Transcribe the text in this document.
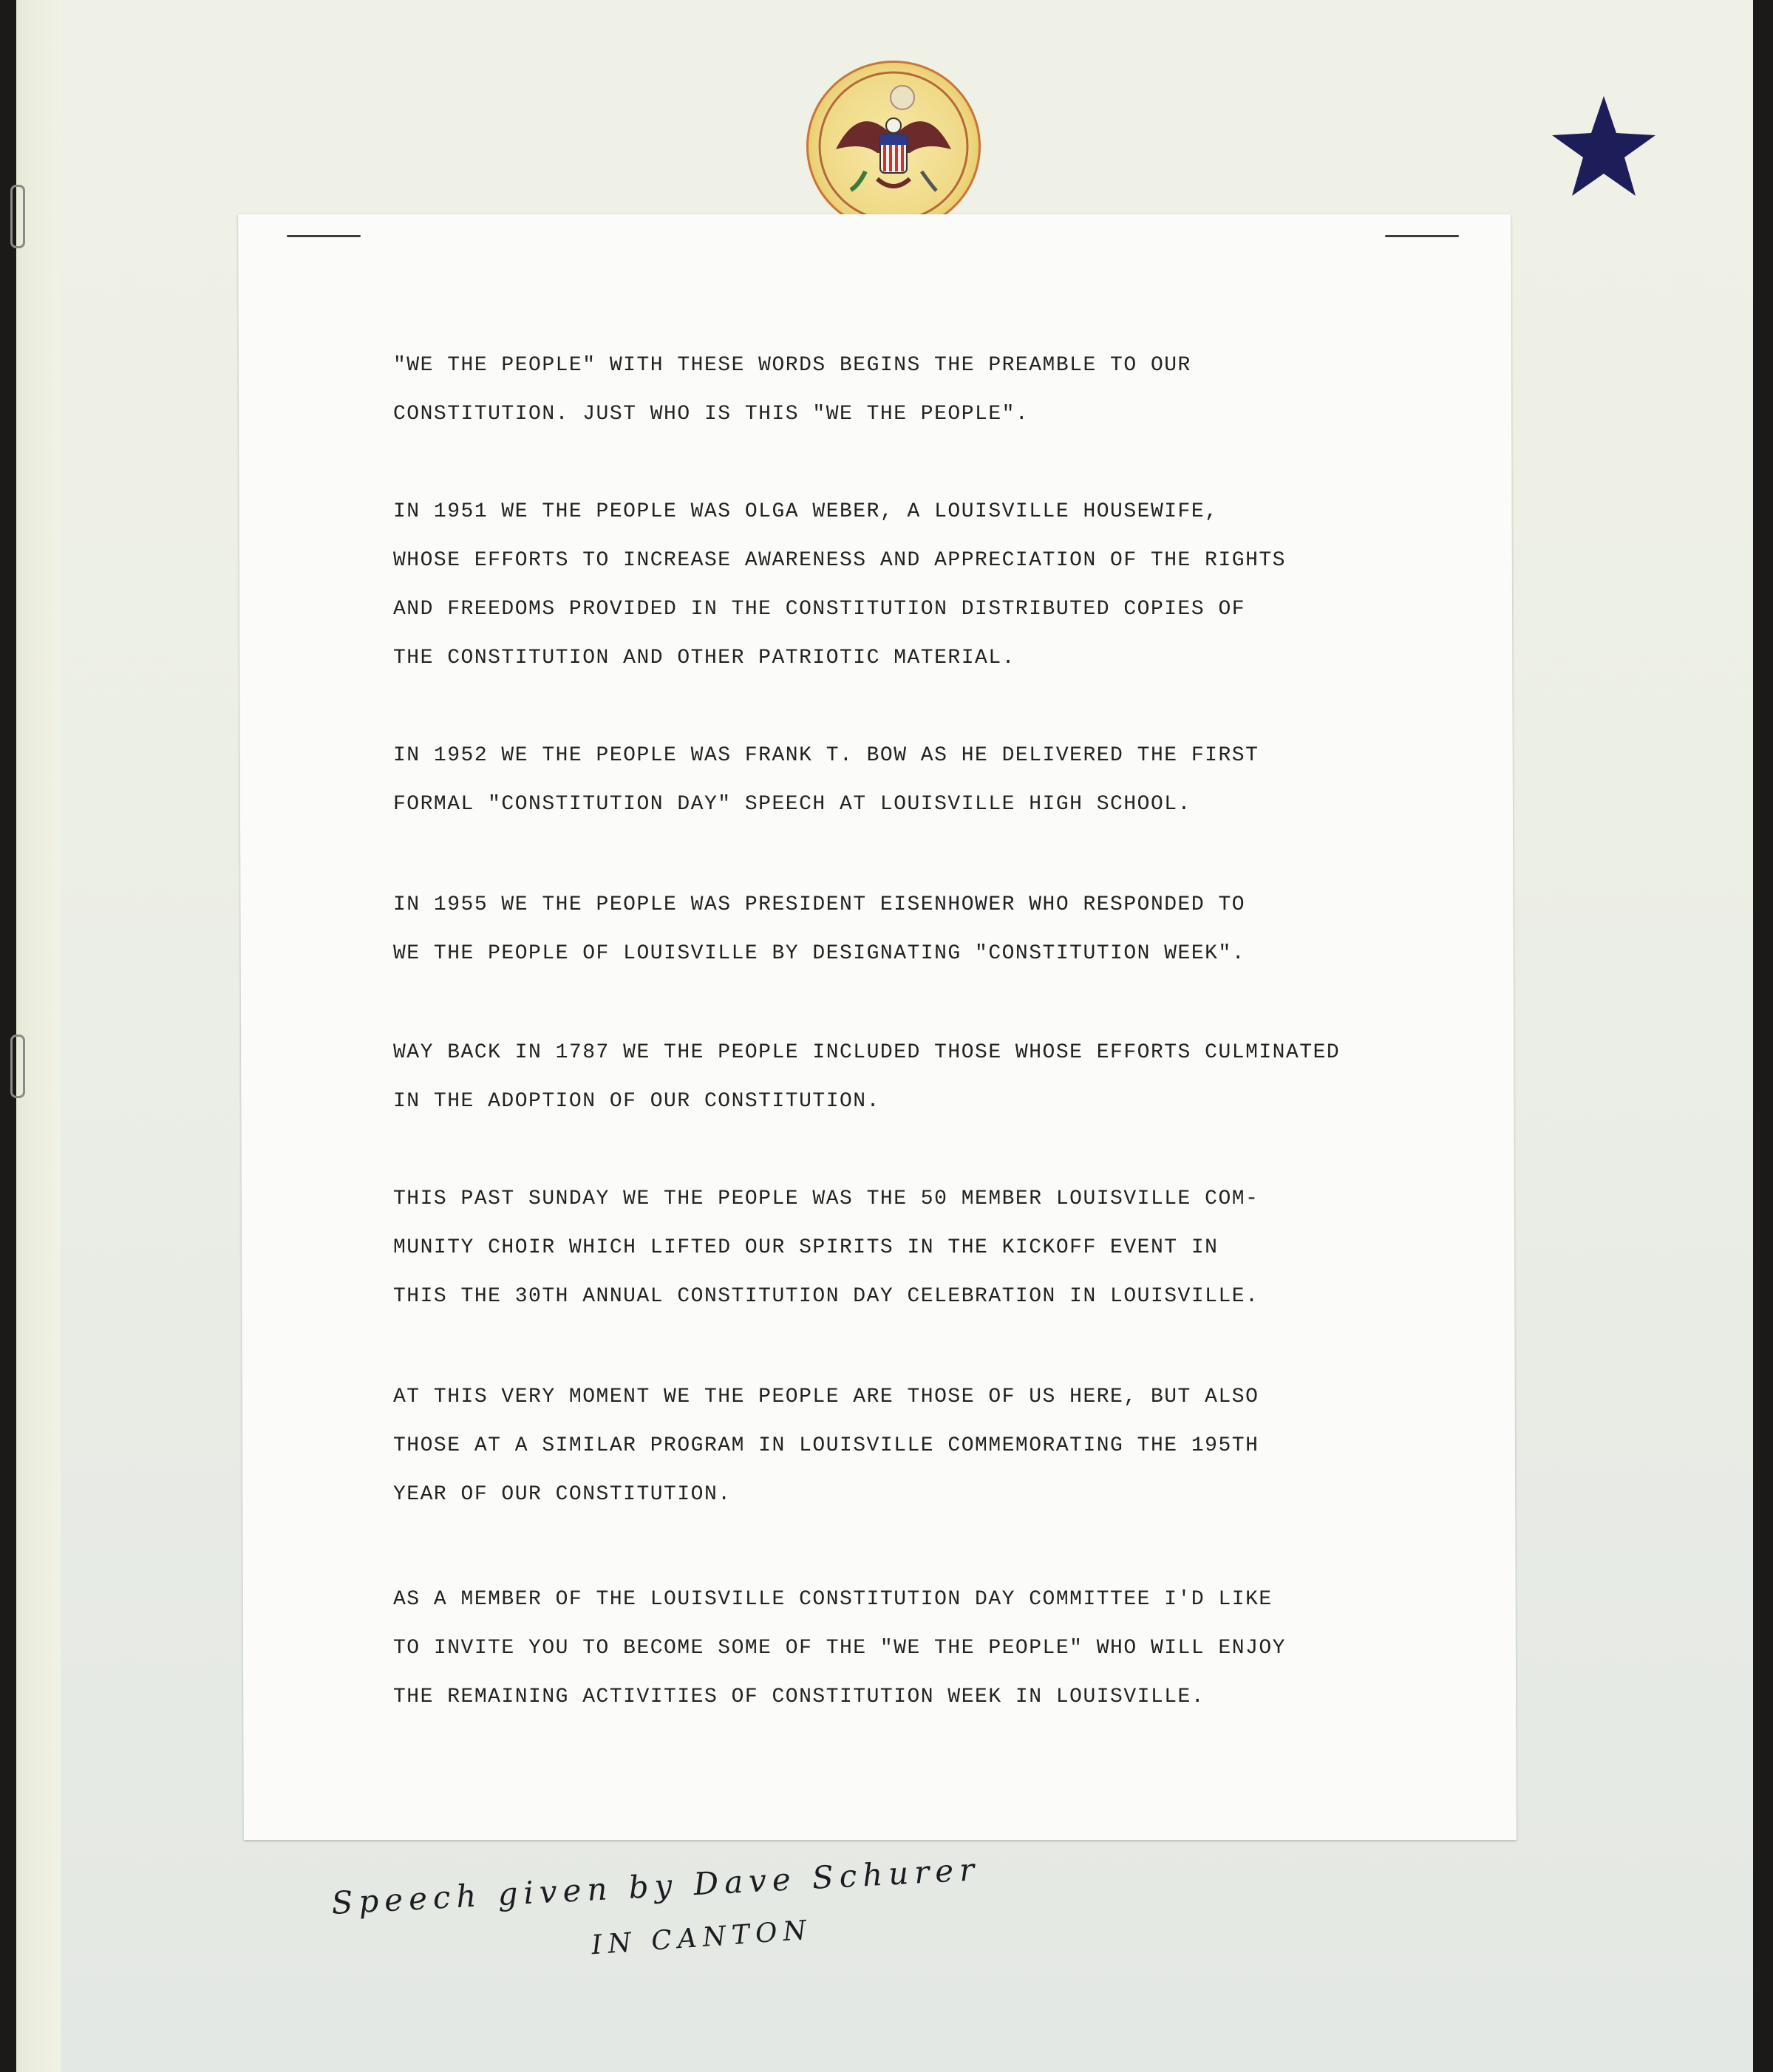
"WE THE PEOPLE" WITH THESE WORDS BEGINS THE PREAMBLE TO OUR
CONSTITUTION. JUST WHO IS THIS "WE THE PEOPLE".

IN 1951 WE THE PEOPLE WAS OLGA WEBER, A LOUISVILLE HOUSEWIFE,
WHOSE EFFORTS TO INCREASE AWARENESS AND APPRECIATION OF THE RIGHTS
AND FREEDOMS PROVIDED IN THE CONSTITUTION DISTRIBUTED COPIES OF
THE CONSTITUTION AND OTHER PATRIOTIC MATERIAL.

IN 1952 WE THE PEOPLE WAS FRANK T. BOW AS HE DELIVERED THE FIRST
FORMAL "CONSTITUTION DAY" SPEECH AT LOUISVILLE HIGH SCHOOL.

IN 1955 WE THE PEOPLE WAS PRESIDENT EISENHOWER WHO RESPONDED TO
WE THE PEOPLE OF LOUISVILLE BY DESIGNATING "CONSTITUTION WEEK".

WAY BACK IN 1787 WE THE PEOPLE INCLUDED THOSE WHOSE EFFORTS CULMINATED
IN THE ADOPTION OF OUR CONSTITUTION.

THIS PAST SUNDAY WE THE PEOPLE WAS THE 50 MEMBER LOUISVILLE COM-
MUNITY CHOIR WHICH LIFTED OUR SPIRITS IN THE KICKOFF EVENT IN
THIS THE 30TH ANNUAL CONSTITUTION DAY CELEBRATION IN LOUISVILLE.

AT THIS VERY MOMENT WE THE PEOPLE ARE THOSE OF US HERE, BUT ALSO
THOSE AT A SIMILAR PROGRAM IN LOUISVILLE COMMEMORATING THE 195TH
YEAR OF OUR CONSTITUTION.

AS A MEMBER OF THE LOUISVILLE CONSTITUTION DAY COMMITTEE I'D LIKE
TO INVITE YOU TO BECOME SOME OF THE "WE THE PEOPLE" WHO WILL ENJOY
THE REMAINING ACTIVITIES OF CONSTITUTION WEEK IN LOUISVILLE.

Speech given by Dave Schurer
IN CANTON
